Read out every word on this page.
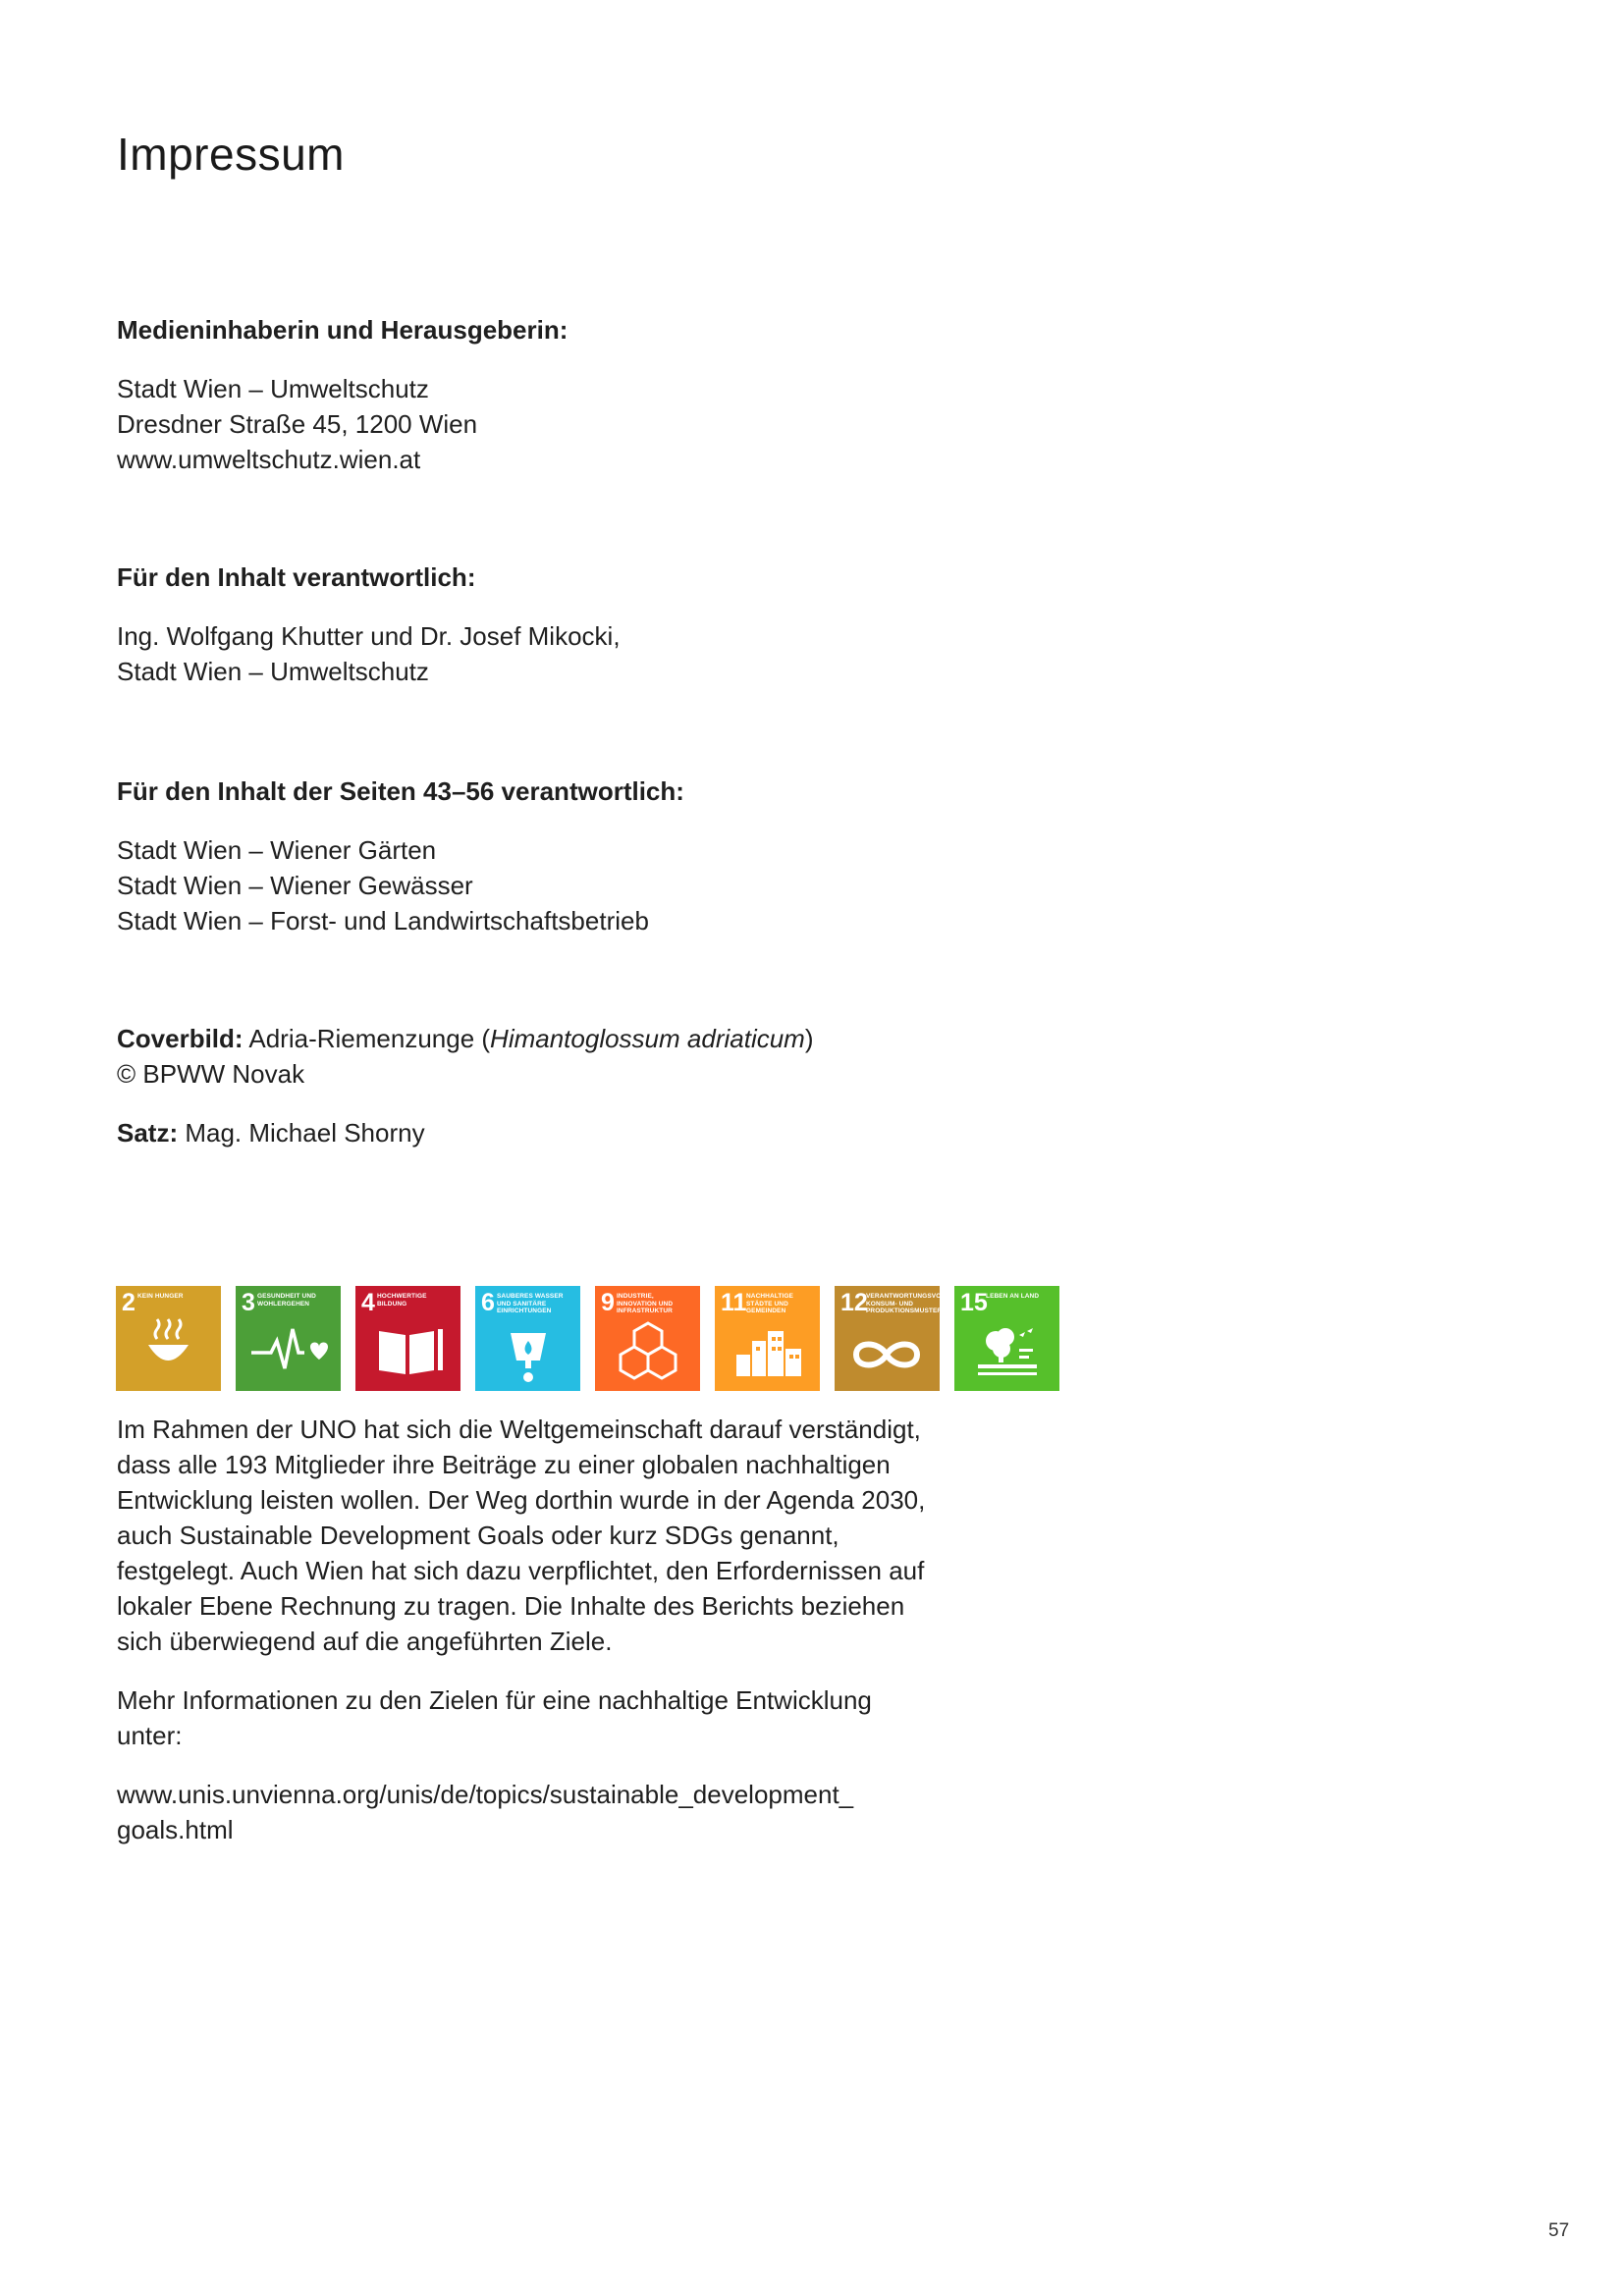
Impressum

Medieninhaberin und Herausgeberin:

Stadt Wien – Umweltschutz

Dresdner Straße 45, 1200 Wien

www.umweltschutz.wien.at

Für den Inhalt verantwortlich:

Ing. Wolfgang Khutter und Dr. Josef Mikocki,

Stadt Wien – Umweltschutz

Für den Inhalt der Seiten 43–56 verantwortlich:

Stadt Wien – Wiener Gärten

Stadt Wien – Wiener Gewässer

Stadt Wien – Forst- und Landwirtschaftsbetrieb

Coverbild: Adria-Riemenzunge (Himantoglossum adriaticum)

© BPWW Novak

Satz: Mag. Michael Shorny

2 KEIN HUNGER	3 GESUNDHEIT UND WOHLERGEHEN	4 HOCHWERTIGE BILDUNG	6 SAUBERES WASSER UND SANITÄRE EINRICHTUNGEN	9 INDUSTRIE, INNOVATION UND INFRASTRUKTUR	11 NACHHALTIGE STÄDTE UND GEMEINDEN	12
VERANTWORTUNGSVOLLE KONSUM- UND PRODUKTIONSMUSTER 15
LEBEN AN LAND

Im Rahmen der UNO hat sich die Weltgemeinschaft darauf verständigt, dass alle 193 Mitglieder ihre Beiträge zu einer globalen nachhaltigen Entwicklung leisten wollen. Der Weg dorthin wurde in der Agenda 2030, auch Sustainable Development Goals oder kurz SDGs genannt, festgelegt. Auch Wien hat sich dazu verpflichtet, den Erfordernissen auf lokaler Ebene Rechnung zu tragen. Die Inhalte des Berichts beziehen sich überwiegend auf die angeführten Ziele.

Mehr Informationen zu den Zielen für eine nachhaltige Entwicklung unter:

www.unis.unvienna.org/unis/de/topics/sustainable_development_ goals.html

57
